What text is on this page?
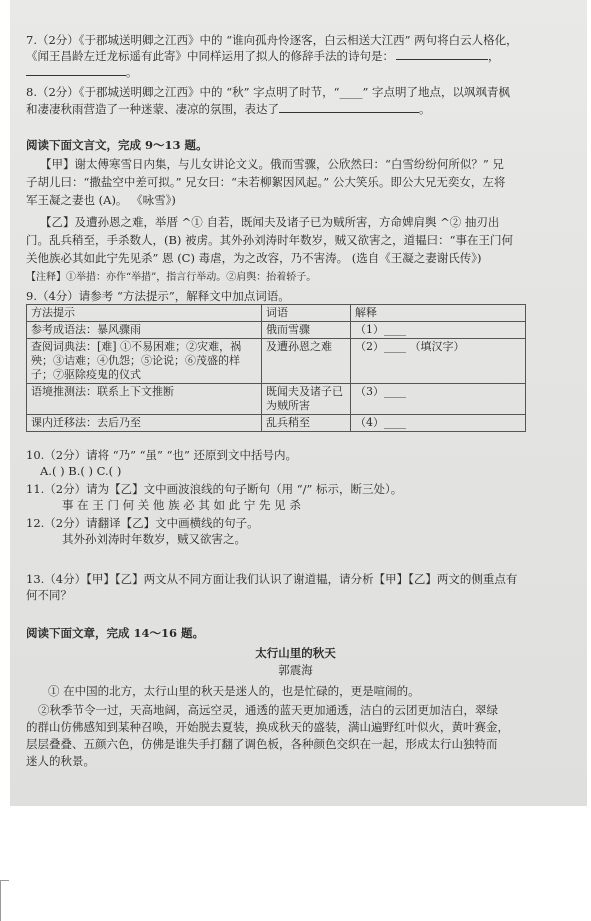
7.（2分）《于郡城送明卿之江西》中的 “谁向孤舟怜逐客，白云相送大江西” 两句将白云人格化，
《闻王昌龄左迁龙标遥有此寄》中同样运用了拟人的修辞手法的诗句是：	，
。
8.（2分）《于郡城送明卿之江西》中的 “秋” 字点明了时节，“____” 字点明了地点，以飒飒青枫
和凄凄秋雨营造了一种迷蒙、凄凉的氛围，表达了	。
阅读下面文言文，完成 9～13 题。
【甲】谢太傅寒雪日内集，与儿女讲论文义。俄而雪骤，公欣然曰：“白雪纷纷何所似？” 兄
子胡儿曰：“撒盐空中差可拟。” 兄女曰：“未若柳絮因风起。” 公大笑乐。即公大兄无奕女，左将
军王凝之妻也 (A)。 《咏雪》)
【乙】及遭孙恩之难，举厝 ^① 自若，既闻夫及诸子已为贼所害，方命婢肩舆 ^② 抽刃出
门。乱兵稍至，手杀数人，(B) 被虏。其外孙刘涛时年数岁，贼又欲害之，道韫曰：“事在王门何
关他族必其如此宁先见杀” 恩 (C) 毒虐，为之改容，乃不害涛。 (选自《王凝之妻谢氏传》)
【注释】①举措：亦作“举措”，指言行举动。②肩舆：抬着轿子。
9.（4分）请参考 “方法提示”，解释文中加点词语。
方法提示	词语	解释
参考成语法：暴风骤雨	俄而雪骤	（1）____
查阅词典法：[难] ①不易困难；②灾难，祸殃；③诘难；④仇怨；⑤论说；⑥茂盛的样子；⑦驱除疫鬼的仪式	及遭孙恩之难	（2）____ （填汉字）
语境推测法：联系上下文推断	既闻夫及诸子已为贼所害	（3）____
课内迁移法：去后乃至	乱兵稍至	（4）____
10.（2分）请将 “乃” “虽” “也” 还原到文中括号内。
A.( ) B.( ) C.( )
11.（2分）请为【乙】文中画波浪线的句子断句（用 “/” 标示，断三处）。
事 在 王 门 何 关 他 族 必 其 如 此 宁 先 见 杀
12.（2分）请翻译【乙】文中画横线的句子。
其外孙刘涛时年数岁，贼又欲害之。
13.（4分）【甲】【乙】两文从不同方面让我们认识了谢道韫，请分析【甲】【乙】两文的侧重点有
何不同？
阅读下面文章，完成 14～16 题。
太行山里的秋天
郭震海
① 在中国的北方，太行山里的秋天是迷人的，也是忙碌的，更是喧闹的。
②秋季节令一过，天高地阔，高远空灵，通透的蓝天更加通透，洁白的云团更加洁白，翠绿
的群山仿佛感知到某种召唤，开始脱去夏装，换成秋天的盛装，满山遍野红叶似火，黄叶赛金，
层层叠叠、五颜六色，仿佛是谁失手打翻了调色板，各种颜色交织在一起，形成太行山独特而
迷人的秋景。
